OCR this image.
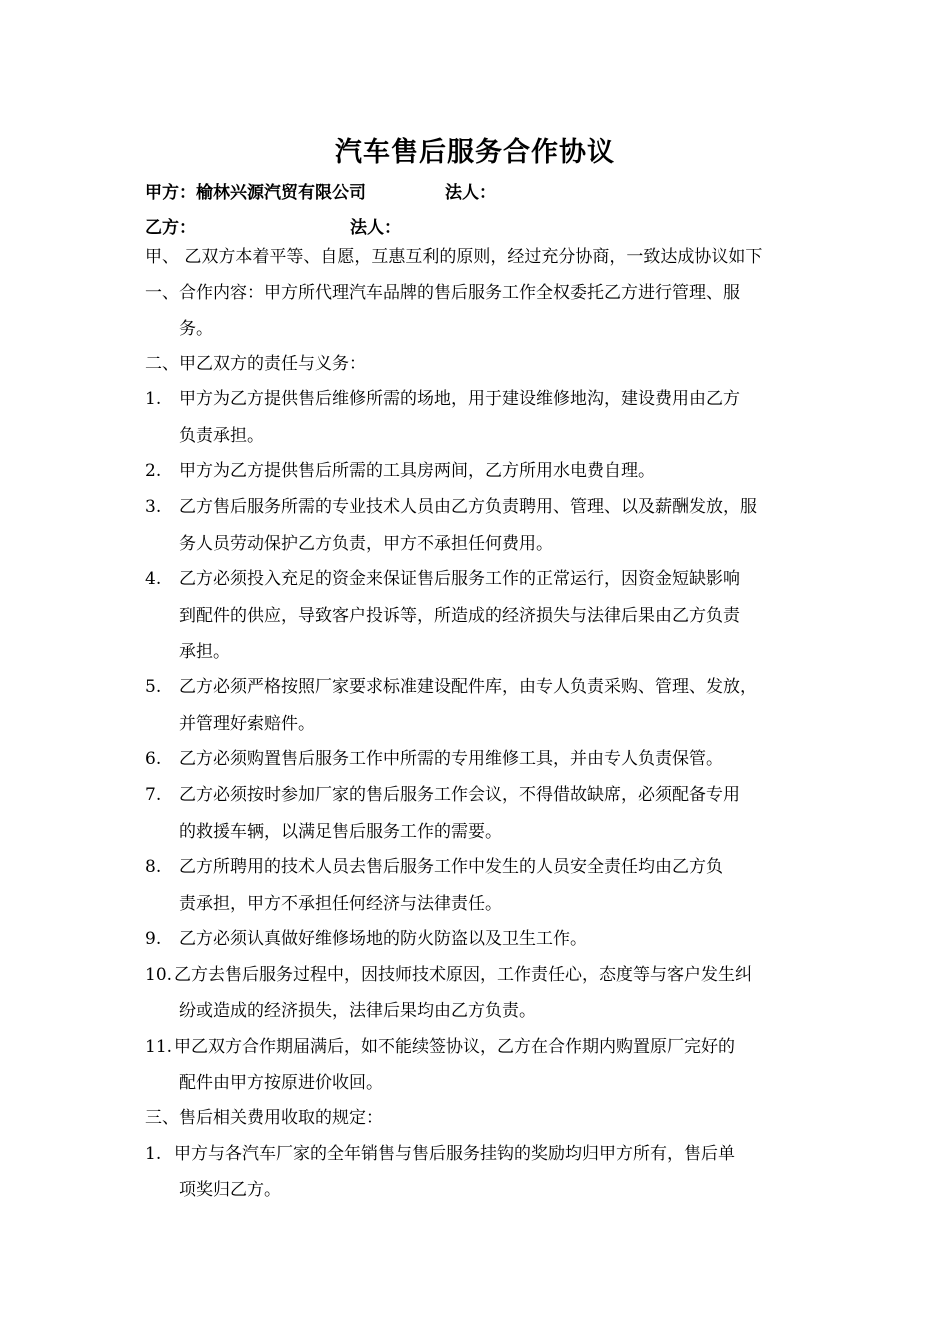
汽车售后服务合作协议
甲方：榆林兴源汽贸有限公司	法人：
乙方：	法人：
甲、 乙双方本着平等、自愿，互惠互利的原则，经过充分协商，一致达成协议如下
一、合作内容：甲方所代理汽车品牌的售后服务工作全权委托乙方进行管理、服
务。
二、甲乙双方的责任与义务：
1. 甲方为乙方提供售后维修所需的场地，用于建设维修地沟，建设费用由乙方
负责承担。
2. 甲方为乙方提供售后所需的工具房两间，乙方所用水电费自理。
3. 乙方售后服务所需的专业技术人员由乙方负责聘用、管理、以及薪酬发放，服
务人员劳动保护乙方负责，甲方不承担任何费用。
4. 乙方必须投入充足的资金来保证售后服务工作的正常运行，因资金短缺影响
到配件的供应，导致客户投诉等，所造成的经济损失与法律后果由乙方负责
承担。
5. 乙方必须严格按照厂家要求标准建设配件库，由专人负责采购、管理、发放，
并管理好索赔件。
6. 乙方必须购置售后服务工作中所需的专用维修工具，并由专人负责保管。
7. 乙方必须按时参加厂家的售后服务工作会议，不得借故缺席，必须配备专用
的救援车辆，以满足售后服务工作的需要。
8. 乙方所聘用的技术人员去售后服务工作中发生的人员安全责任均由乙方负
责承担，甲方不承担任何经济与法律责任。
9. 乙方必须认真做好维修场地的防火防盗以及卫生工作。
10. 乙方去售后服务过程中，因技师技术原因，工作责任心，态度等与客户发生纠
纷或造成的经济损失，法律后果均由乙方负责。
11. 甲乙双方合作期届满后，如不能续签协议，乙方在合作期内购置原厂完好的
配件由甲方按原进价收回。
三、售后相关费用收取的规定：
1. 甲方与各汽车厂家的全年销售与售后服务挂钩的奖励均归甲方所有，售后单
项奖归乙方。
